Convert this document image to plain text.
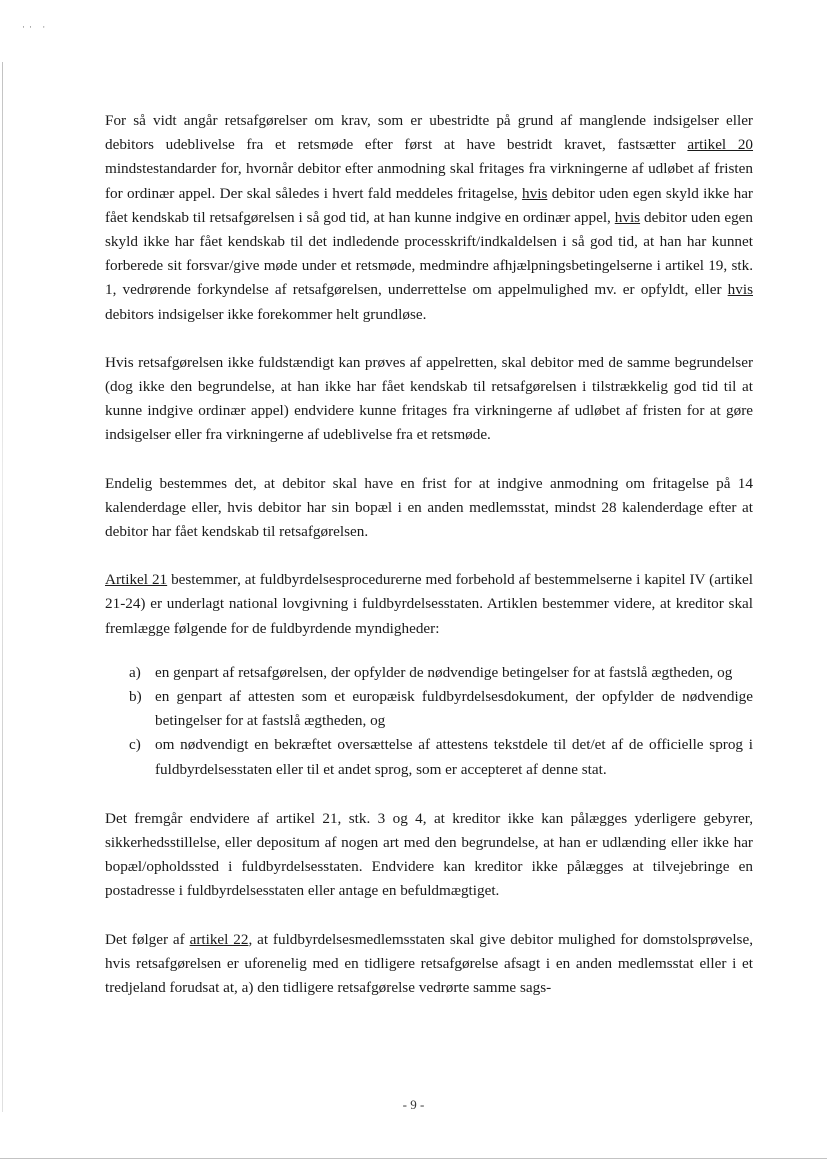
·· ·

For så vidt angår retsafgørelser om krav, som er ubestridte på grund af manglende indsigelser eller debitors udeblivelse fra et retsmøde efter først at have bestridt kravet, fastsætter artikel 20 mindstestandarder for, hvornår debitor efter anmodning skal fritages fra virkningerne af udløbet af fristen for ordinær appel. Der skal således i hvert fald meddeles fritagelse, hvis debitor uden egen skyld ikke har fået kendskab til retsafgørelsen i så god tid, at han kunne indgive en ordinær appel, hvis debitor uden egen skyld ikke har fået kendskab til det indledende processkrift/indkaldelsen i så god tid, at han har kunnet forberede sit forsvar/give møde under et retsmøde, medmindre afhjælpningsbetingelserne i artikel 19, stk. 1, vedrørende forkyndelse af retsafgørelsen, underrettelse om appelmulighed mv. er opfyldt, eller hvis debitors indsigelser ikke forekommer helt grundløse.

Hvis retsafgørelsen ikke fuldstændigt kan prøves af appelretten, skal debitor med de samme begrundelser (dog ikke den begrundelse, at han ikke har fået kendskab til retsafgørelsen i tilstrækkelig god tid til at kunne indgive ordinær appel) endvidere kunne fritages fra virkningerne af udløbet af fristen for at gøre indsigelser eller fra virkningerne af udeblivelse fra et retsmøde.

Endelig bestemmes det, at debitor skal have en frist for at indgive anmodning om fritagelse på 14 kalenderdage eller, hvis debitor har sin bopæl i en anden medlemsstat, mindst 28 kalenderdage efter at debitor har fået kendskab til retsafgørelsen.

Artikel 21 bestemmer, at fuldbyrdelsesprocedurerne med forbehold af bestemmelserne i kapitel IV (artikel 21-24) er underlagt national lovgivning i fuldbyrdelsesstaten. Artiklen bestemmer videre, at kreditor skal fremlægge følgende for de fuldbyrdende myndigheder:

a) en genpart af retsafgørelsen, der opfylder de nødvendige betingelser for at fastslå ægtheden, og
b) en genpart af attesten som et europæisk fuldbyrdelsesdokument, der opfylder de nødvendige betingelser for at fastslå ægtheden, og
c) om nødvendigt en bekræftet oversættelse af attestens tekstdele til det/et af de officielle sprog i fuldbyrdelsesstaten eller til et andet sprog, som er accepteret af denne stat.

Det fremgår endvidere af artikel 21, stk. 3 og 4, at kreditor ikke kan pålægges yderligere gebyrer, sikkerhedsstillelse, eller depositum af nogen art med den begrundelse, at han er udlænding eller ikke har bopæl/opholdssted i fuldbyrdelsesstaten. Endvidere kan kreditor ikke pålægges at tilvejebringe en postadresse i fuldbyrdelsesstaten eller antage en befuldmægtiget.

Det følger af artikel 22, at fuldbyrdelsesmedlemsstaten skal give debitor mulighed for domstolsprøvelse, hvis retsafgørelsen er uforenelig med en tidligere retsafgørelse afsagt i en anden medlemsstat eller i et tredjeland forudsat at, a) den tidligere retsafgørelse vedrørte samme sags-

- 9 -
